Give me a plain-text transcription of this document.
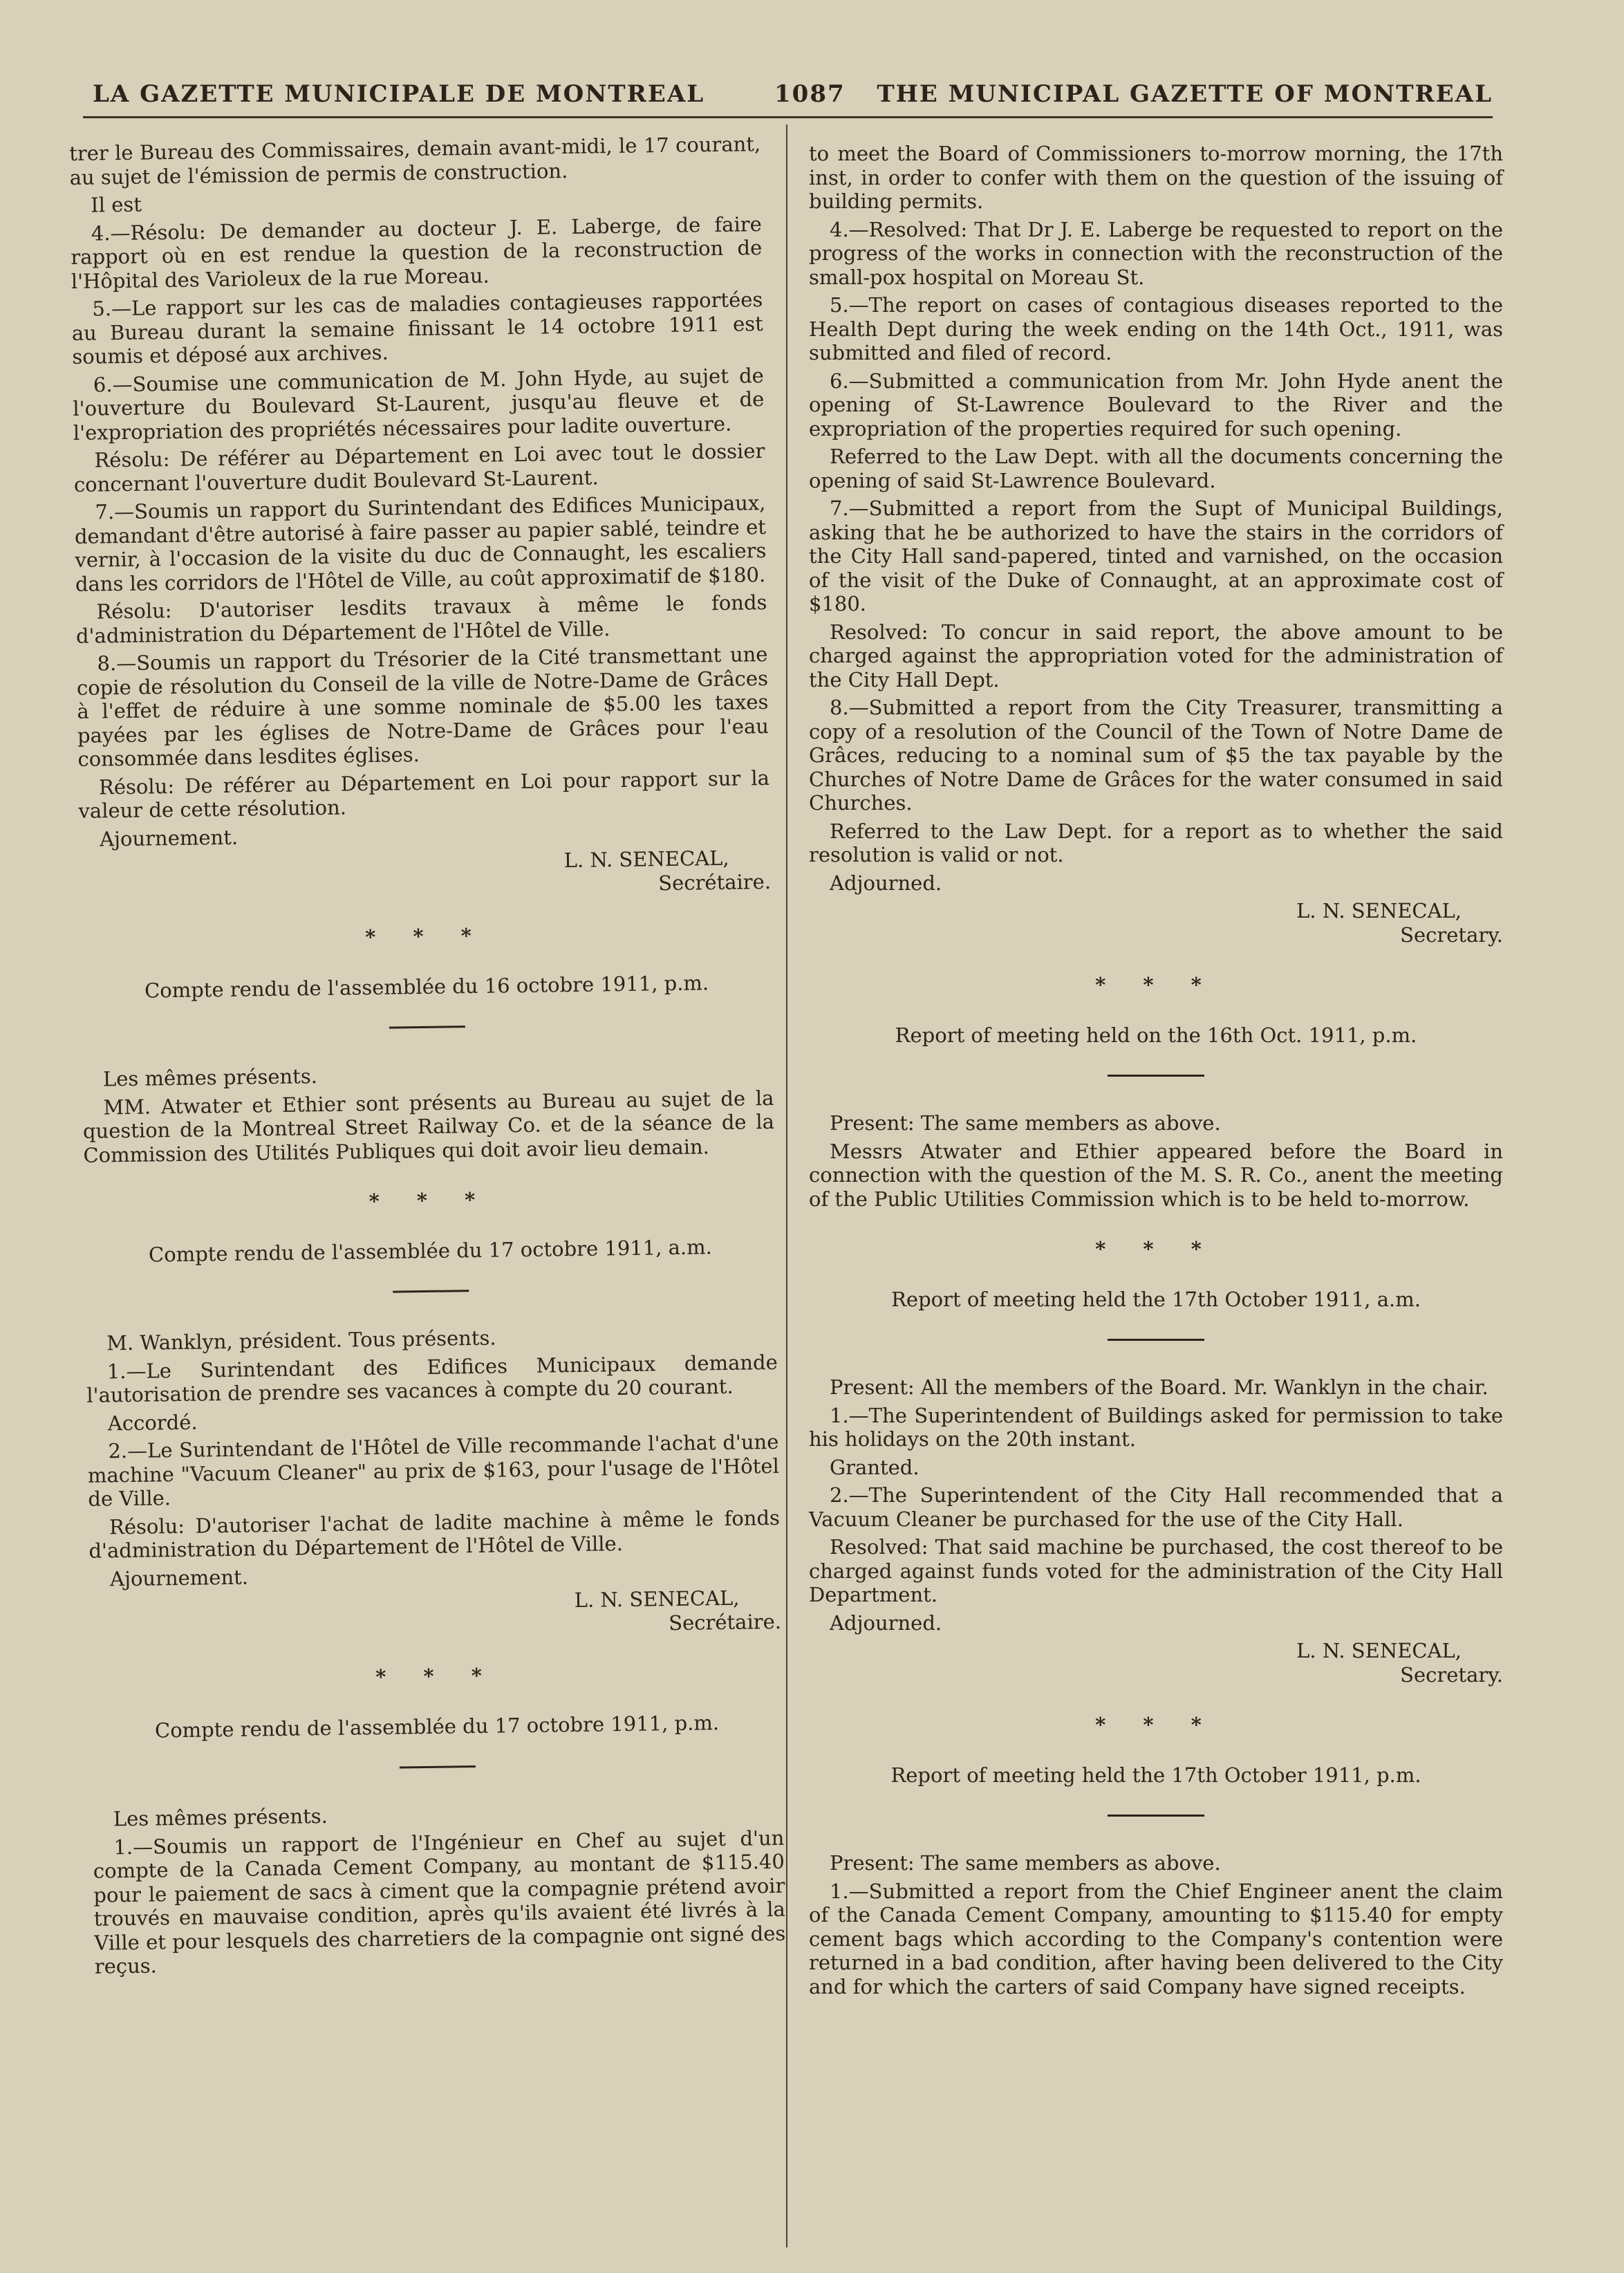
LA GAZETTE MUNICIPALE DE MONTREAL	1087 THE MUNICIPAL GAZETTE OF MONTREAL

trer le Bureau des Commissaires, demain avant-midi, le 17 courant, au sujet de l'émission de permis de construction.

Il est

4.—Résolu: De demander au docteur J. E. Laberge, de faire rapport où en est rendue la question de la reconstruction de l'Hôpital des Varioleux de la rue Moreau.

5.—Le rapport sur les cas de maladies contagieuses rapportées au Bureau durant la semaine finissant le 14 octobre 1911 est soumis et déposé aux archives.

6.—Soumise une communication de M. John Hyde, au sujet de l'ouverture du Boulevard St-Laurent, jusqu'au fleuve et de l'expropriation des propriétés nécessaires pour ladite ouverture.

Résolu: De référer au Département en Loi avec tout le dossier concernant l'ouverture dudit Boulevard St-Laurent.

7.—Soumis un rapport du Surintendant des Edifices Municipaux, demandant d'être autorisé à faire passer au papier sablé, teindre et vernir, à l'occasion de la visite du duc de Connaught, les escaliers dans les corridors de l'Hôtel de Ville, au coût approximatif de $180.

Résolu: D'autoriser lesdits travaux à même le fonds d'administration du Département de l'Hôtel de Ville.

8.—Soumis un rapport du Trésorier de la Cité transmettant une copie de résolution du Conseil de la ville de Notre-Dame de Grâces à l'effet de réduire à une somme nominale de $5.00 les taxes payées par les églises de Notre-Dame de Grâces pour l'eau consommée dans lesdites églises.

Résolu: De référer au Département en Loi pour rapport sur la valeur de cette résolution.

Ajournement.

L. N. SENECAL,
Secrétaire.
* * *
Compte rendu de l'assemblée du 16 octobre 1911, p.m.

Les mêmes présents.

MM. Atwater et Ethier sont présents au Bureau au sujet de la question de la Montreal Street Railway Co. et de la séance de la Commission des Utilités Publiques qui doit avoir lieu demain.

* * *
Compte rendu de l'assemblée du 17 octobre 1911, a.m.

M. Wanklyn, président. Tous présents.

1.—Le Surintendant des Edifices Municipaux demande l'autorisation de prendre ses vacances à compte du 20 courant.

Accordé.

2.—Le Surintendant de l'Hôtel de Ville recommande l'achat d'une machine "Vacuum Cleaner" au prix de $163, pour l'usage de l'Hôtel de Ville.

Résolu: D'autoriser l'achat de ladite machine à même le fonds d'administration du Département de l'Hôtel de Ville.

Ajournement.

L. N. SENECAL,
Secrétaire.
* * *
Compte rendu de l'assemblée du 17 octobre 1911, p.m.

Les mêmes présents.

1.—Soumis un rapport de l'Ingénieur en Chef au sujet d'un compte de la Canada Cement Company, au montant de $115.40 pour le paiement de sacs à ciment que la compagnie prétend avoir trouvés en mauvaise condition, après qu'ils avaient été livrés à la Ville et pour lesquels des charretiers de la compagnie ont signé des reçus.

to meet the Board of Commissioners to-morrow morning, the 17th inst, in order to confer with them on the question of the issuing of building permits.

4.—Resolved: That Dr J. E. Laberge be requested to report on the progress of the works in connection with the reconstruction of the small-pox hospital on Moreau St.

5.—The report on cases of contagious diseases reported to the Health Dept during the week ending on the 14th Oct., 1911, was submitted and filed of record.

6.—Submitted a communication from Mr. John Hyde anent the opening of St-Lawrence Boulevard to the River and the expropriation of the properties required for such opening.

Referred to the Law Dept. with all the documents concerning the opening of said St-Lawrence Boulevard.

7.—Submitted a report from the Supt of Municipal Buildings, asking that he be authorized to have the stairs in the corridors of the City Hall sand-papered, tinted and varnished, on the occasion of the visit of the Duke of Connaught, at an approximate cost of $180.

Resolved: To concur in said report, the above amount to be charged against the appropriation voted for the administration of the City Hall Dept.

8.—Submitted a report from the City Treasurer, transmitting a copy of a resolution of the Council of the Town of Notre Dame de Grâces, reducing to a nominal sum of $5 the tax payable by the Churches of Notre Dame de Grâces for the water consumed in said Churches.

Referred to the Law Dept. for a report as to whether the said resolution is valid or not.

Adjourned.

L. N. SENECAL,
Secretary.
* * *
Report of meeting held on the 16th Oct. 1911, p.m.

Present: The same members as above.

Messrs Atwater and Ethier appeared before the Board in connection with the question of the M. S. R. Co., anent the meeting of the Public Utilities Commission which is to be held to-morrow.

* * *
Report of meeting held the 17th October 1911, a.m.

Present: All the members of the Board. Mr. Wanklyn in the chair.

1.—The Superintendent of Buildings asked for permission to take his holidays on the 20th instant.

Granted.

2.—The Superintendent of the City Hall recommended that a Vacuum Cleaner be purchased for the use of the City Hall.

Resolved: That said machine be purchased, the cost thereof to be charged against funds voted for the administration of the City Hall Department.

Adjourned.

L. N. SENECAL,
Secretary.
* * *
Report of meeting held the 17th October 1911, p.m.

Present: The same members as above.

1.—Submitted a report from the Chief Engineer anent the claim of the Canada Cement Company, amounting to $115.40 for empty cement bags which according to the Company's contention were returned in a bad condition, after having been delivered to the City and for which the carters of said Company have signed receipts.
